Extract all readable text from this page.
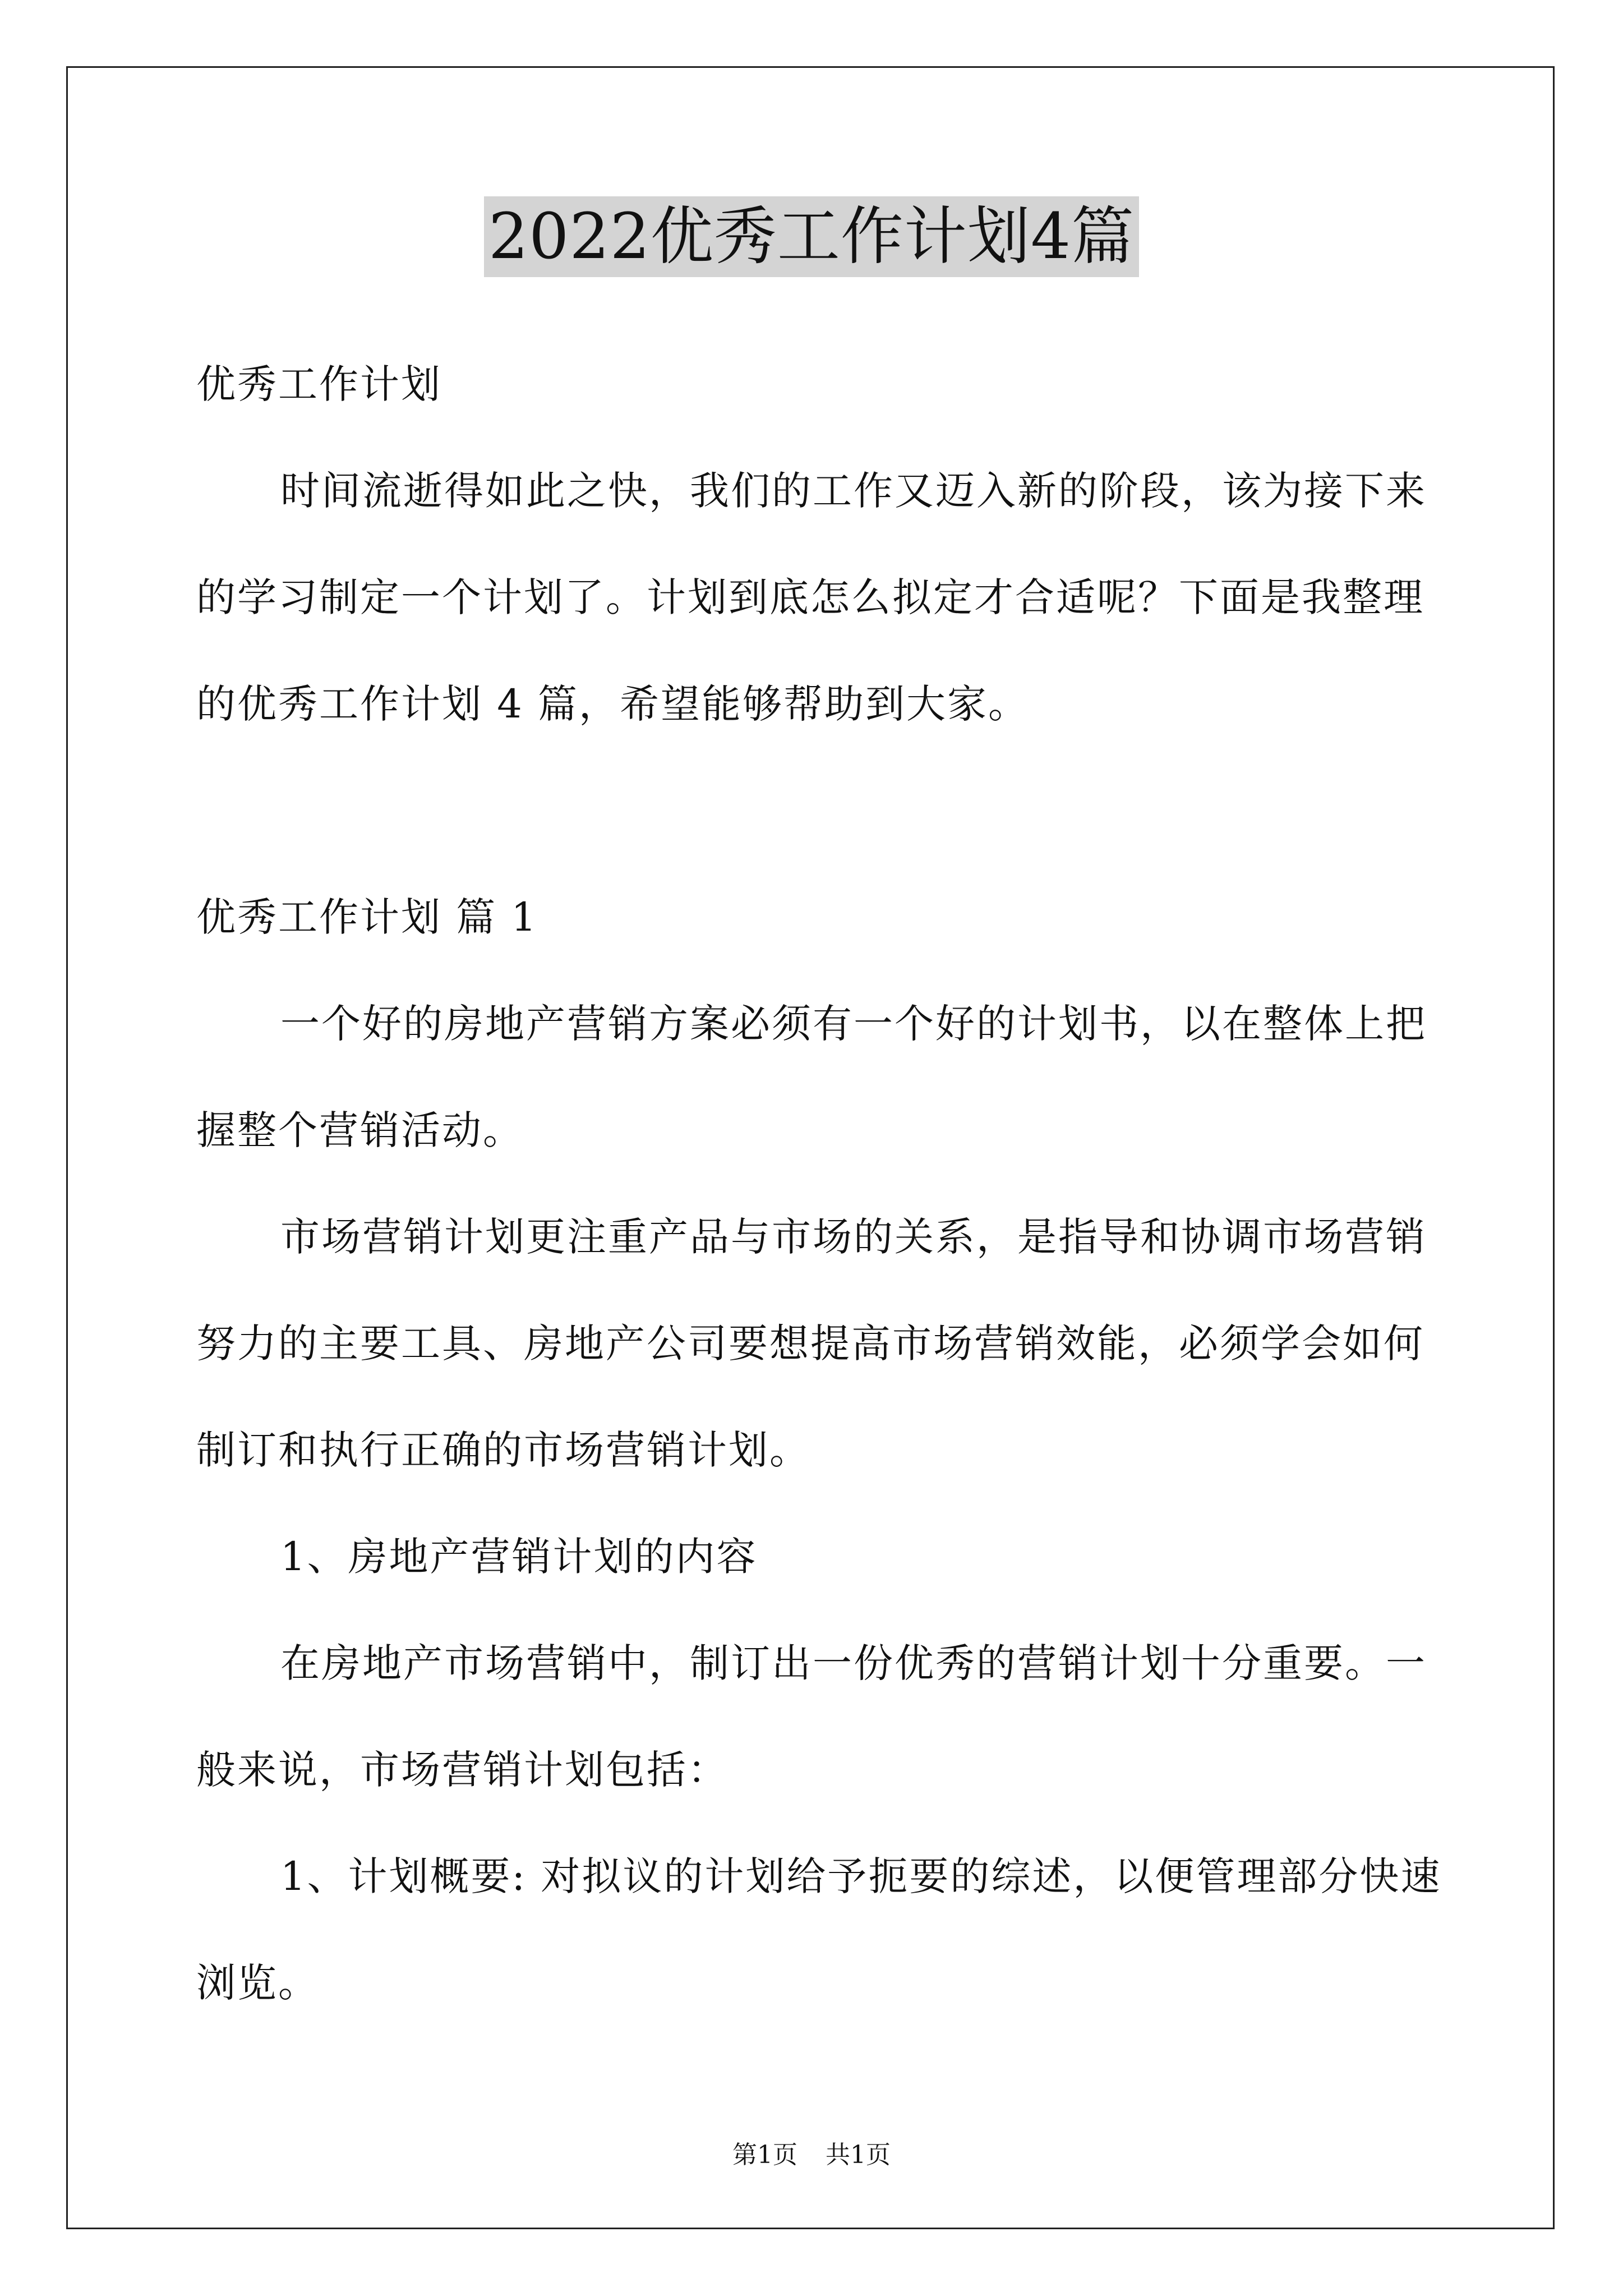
2022优秀工作计划4篇
优秀工作计划
时间流逝得如此之快，我们的工作又迈入新的阶段，该为接下来
的学习制定一个计划了。计划到底怎么拟定才合适呢？下面是我整理
的优秀工作计划 4 篇，希望能够帮助到大家。
优秀工作计划 篇 1
一个好的房地产营销方案必须有一个好的计划书，以在整体上把
握整个营销活动。
市场营销计划更注重产品与市场的关系，是指导和协调市场营销
努力的主要工具、房地产公司要想提高市场营销效能，必须学会如何
制订和执行正确的市场营销计划。
1、房地产营销计划的内容
在房地产市场营销中，制订出一份优秀的营销计划十分重要。一
般来说，市场营销计划包括：
1、计划概要: 对拟议的计划给予扼要的综述，以便管理部分快速
浏览。
第1页 共1页
